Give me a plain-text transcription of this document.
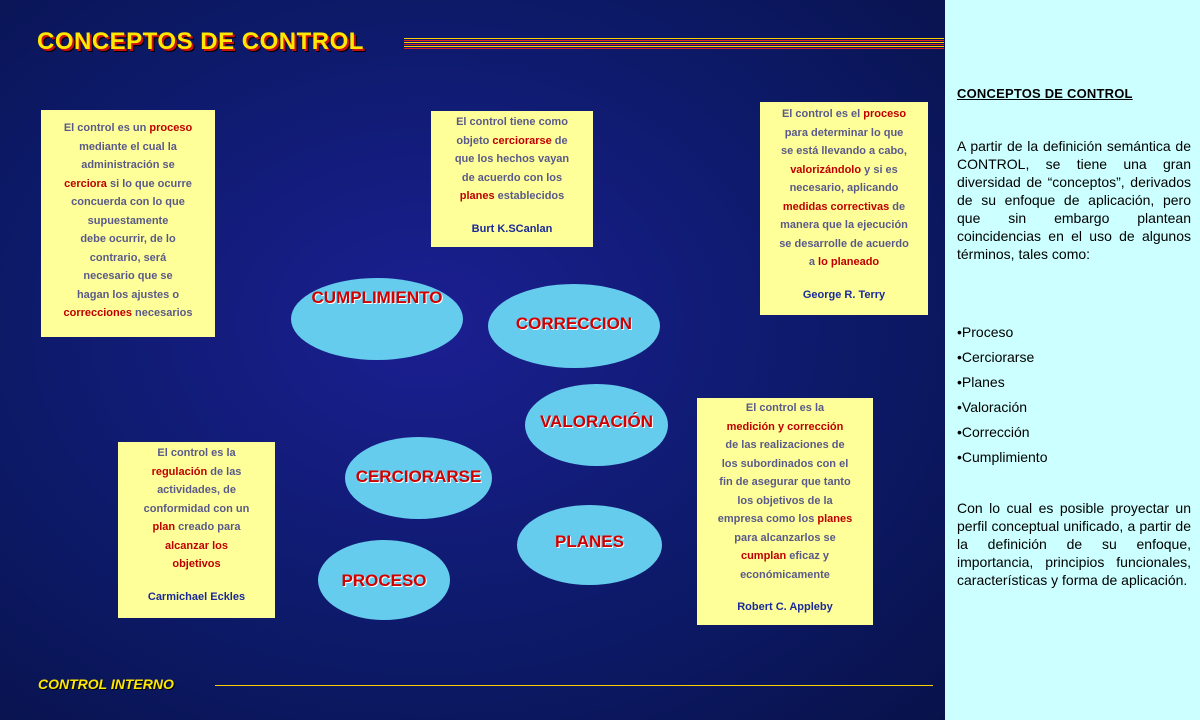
CONCEPTOS DE CONTROL
El control es un proceso
mediante el cual la
administración se
cerciora si lo que ocurre
concuerda con lo que
supuestamente
debe ocurrir, de lo
contrario, será
necesario que se
hagan los ajustes o
correcciones necesarios
El control tiene como
objeto cerciorarse de
que los hechos vayan
de acuerdo con los
planes establecidos
Burt K.SCanlan
El control es el proceso
para determinar lo que
se está llevando a cabo,
valorizándolo y si es
necesario, aplicando
medidas correctivas de
manera que la ejecución
se desarrolle de acuerdo
a lo planeado
George R. Terry
El control es la
regulación de las
actividades, de
conformidad con un
plan creado para
alcanzar los
objetivos
Carmichael Eckles
El control es la
medición y corrección
de las realizaciones de
los subordinados con el
fin de asegurar que tanto
los objetivos de la
empresa como los planes
para alcanzarlos se
cumplan eficaz y
económicamente
Robert C. Appleby
CUMPLIMIENTO
CORRECCION
VALORACIÓN
CERCIORARSE
PLANES
PROCESO
CONTROL INTERNO
CONCEPTOS DE CONTROL

A partir de la definición semántica de CONTROL, se tiene una gran diversidad de “conceptos”, derivados de su enfoque de aplicación, pero que sin embargo plantean coincidencias en el uso de algunos términos, tales como:

•Proceso
•Cerciorarse
•Planes
•Valoración
•Corrección
•Cumplimiento

Con lo cual es posible proyectar un perfil conceptual unificado, a partir de la definición de su enfoque, importancia, principios funcionales, características y forma de aplicación.
